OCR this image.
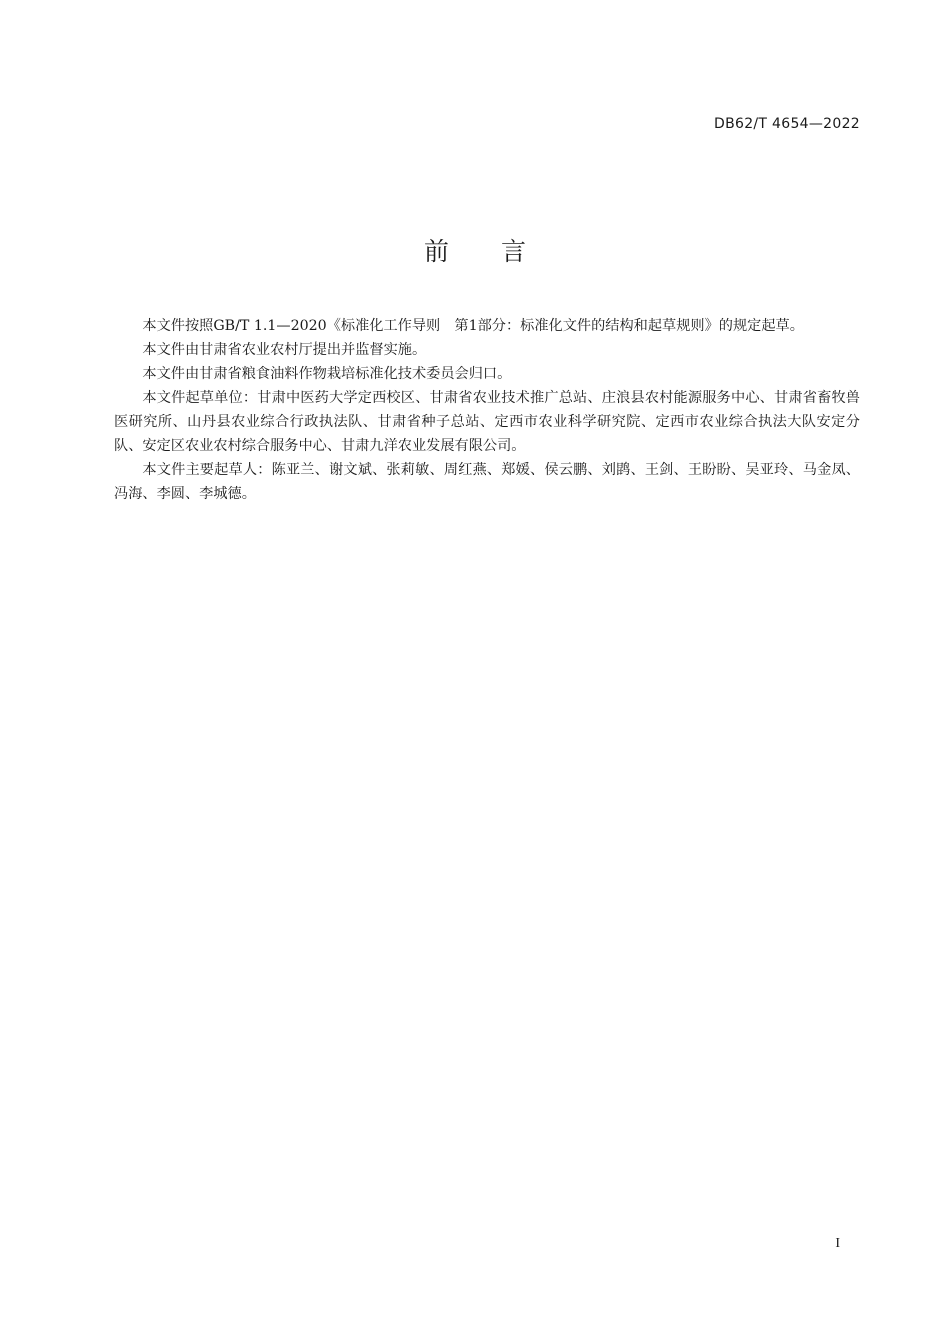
DB62/T 4654—2022
前 言

本文件按照GB/T 1.1—2020《标准化工作导则　第1部分：标准化文件的结构和起草规则》的规定起草。

本文件由甘肃省农业农村厅提出并监督实施。

本文件由甘肃省粮食油料作物栽培标准化技术委员会归口。

本文件起草单位：甘肃中医药大学定西校区、甘肃省农业技术推广总站、庄浪县农村能源服务中心、甘肃省畜牧兽医研究所、山丹县农业综合行政执法队、甘肃省种子总站、定西市农业科学研究院、定西市农业综合执法大队安定分队、安定区农业农村综合服务中心、甘肃九洋农业发展有限公司。

本文件主要起草人：陈亚兰、谢文斌、张莉敏、周红燕、郑媛、侯云鹏、刘鹍、王剑、王盼盼、吴亚玲、马金凤、冯海、李圆、李城德。

I
